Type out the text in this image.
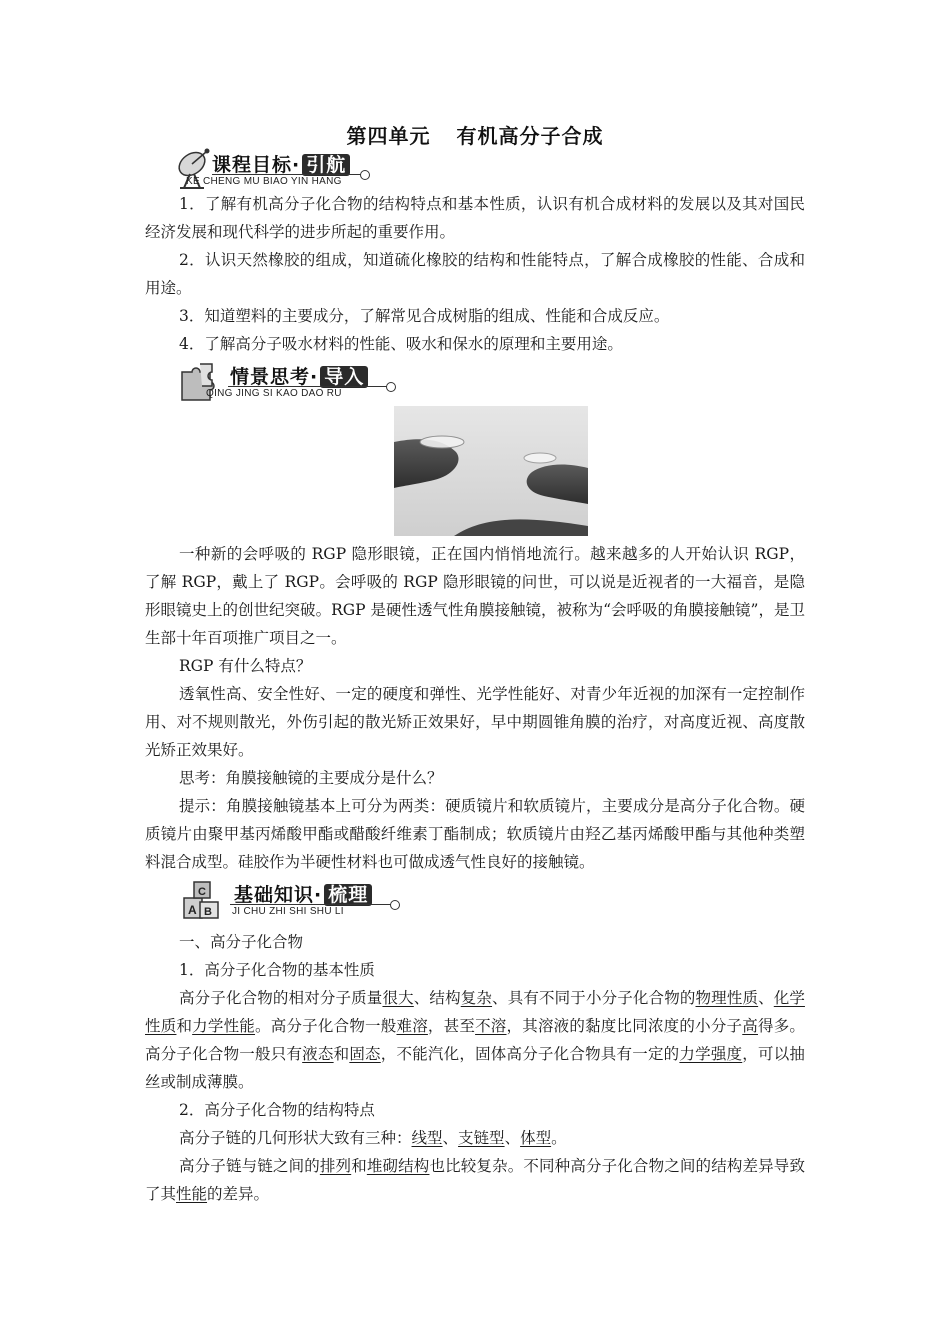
第四单元 有机高分子合成
课程目标· 引航
KE CHENG MU BIAO YIN HANG

1．了解有机高分子化合物的结构特点和基本性质，认识有机合成材料的发展以及其对国民经济发展和现代科学的进步所起的重要作用。

2．认识天然橡胶的组成，知道硫化橡胶的结构和性能特点，了解合成橡胶的性能、合成和用途。

3．知道塑料的主要成分，了解常见合成树脂的组成、性能和合成反应。

4．了解高分子吸水材料的性能、吸水和保水的原理和主要用途。

情景思考· 导入
QING JING SI KAO DAO RU

一种新的会呼吸的 RGP 隐形眼镜，正在国内悄悄地流行。越来越多的人开始认识 RGP，了解 RGP，戴上了 RGP。会呼吸的 RGP 隐形眼镜的问世，可以说是近视者的一大福音，是隐形眼镜史上的创世纪突破。RGP 是硬性透气性角膜接触镜，被称为“会呼吸的角膜接触镜”，是卫生部十年百项推广项目之一。

RGP 有什么特点？

透氧性高、安全性好、一定的硬度和弹性、光学性能好、对青少年近视的加深有一定控制作用、对不规则散光，外伤引起的散光矫正效果好，早中期圆锥角膜的治疗，对高度近视、高度散光矫正效果好。

思考：角膜接触镜的主要成分是什么？

提示：角膜接触镜基本上可分为两类：硬质镜片和软质镜片，主要成分是高分子化合物。硬质镜片由聚甲基丙烯酸甲酯或醋酸纤维素丁酯制成；软质镜片由羟乙基丙烯酸甲酯与其他种类塑料混合成型。硅胶作为半硬性材料也可做成透气性良好的接触镜。

A B
C 基础知识· 梳理
JI CHU ZHI SHI SHU LI

一、高分子化合物

1．高分子化合物的基本性质

高分子化合物的相对分子质量很大、结构复杂、具有不同于小分子化合物的物理性质、化学性质和力学性能。高分子化合物一般难溶，甚至不溶，其溶液的黏度比同浓度的小分子高得多。高分子化合物一般只有液态和固态，不能汽化，固体高分子化合物具有一定的力学强度，可以抽丝或制成薄膜。

2．高分子化合物的结构特点

高分子链的几何形状大致有三种：线型、支链型、体型。

高分子链与链之间的排列和堆砌结构也比较复杂。不同种高分子化合物之间的结构差异导致了其性能的差异。
